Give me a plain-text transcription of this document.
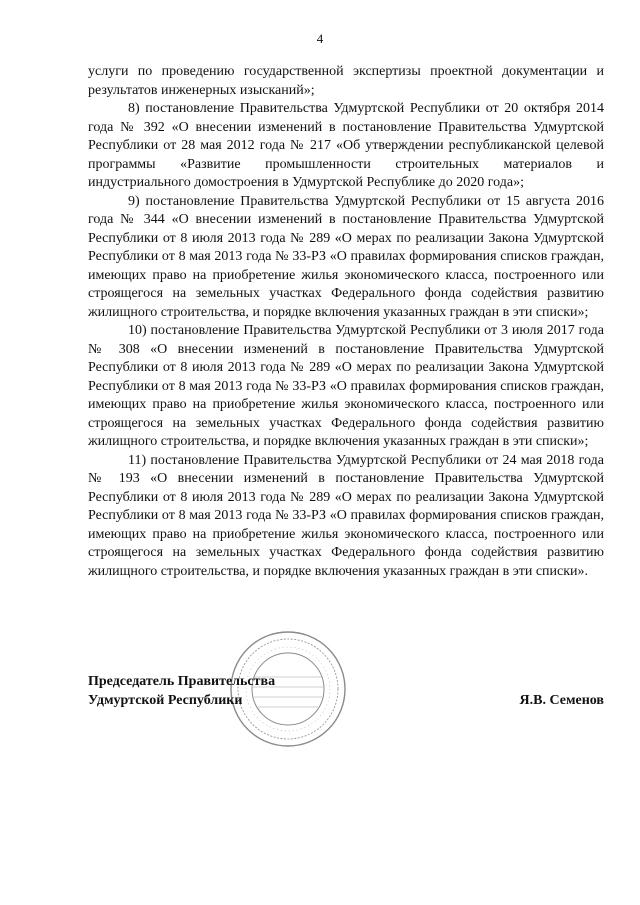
4

услуги по проведению государственной экспертизы проектной документации и результатов инженерных изысканий»;

8) постановление Правительства Удмуртской Республики от 20 октября 2014 года № 392 «О внесении изменений в постановление Правительства Удмуртской Республики от 28 мая 2012 года № 217 «Об утверждении республиканской целевой программы «Развитие промышленности строительных материалов и индустриального домостроения в Удмуртской Республике до 2020 года»;

9) постановление Правительства Удмуртской Республики от 15 августа 2016 года № 344 «О внесении изменений в постановление Правительства Удмуртской Республики от 8 июля 2013 года № 289 «О мерах по реализации Закона Удмуртской Республики от 8 мая 2013 года № 33-РЗ «О правилах формирования списков граждан, имеющих право на приобретение жилья экономического класса, построенного или строящегося на земельных участках Федерального фонда содействия развитию жилищного строительства, и порядке включения указанных граждан в эти списки»;

10) постановление Правительства Удмуртской Республики от 3 июля 2017 года № 308 «О внесении изменений в постановление Правительства Удмуртской Республики от 8 июля 2013 года № 289 «О мерах по реализации Закона Удмуртской Республики от 8 мая 2013 года № 33-РЗ «О правилах формирования списков граждан, имеющих право на приобретение жилья экономического класса, построенного или строящегося на земельных участках Федерального фонда содействия развитию жилищного строительства, и порядке включения указанных граждан в эти списки»;

11) постановление Правительства Удмуртской Республики от 24 мая 2018 года № 193 «О внесении изменений в постановление Правительства Удмуртской Республики от 8 июля 2013 года № 289 «О мерах по реализации Закона Удмуртской Республики от 8 мая 2013 года № 33-РЗ «О правилах формирования списков граждан, имеющих право на приобретение жилья экономического класса, построенного или строящегося на земельных участках Федерального фонда содействия развитию жилищного строительства, и порядке включения указанных граждан в эти списки».

Председатель Правительства
Удмуртской Республики	Я.В. Семенов
